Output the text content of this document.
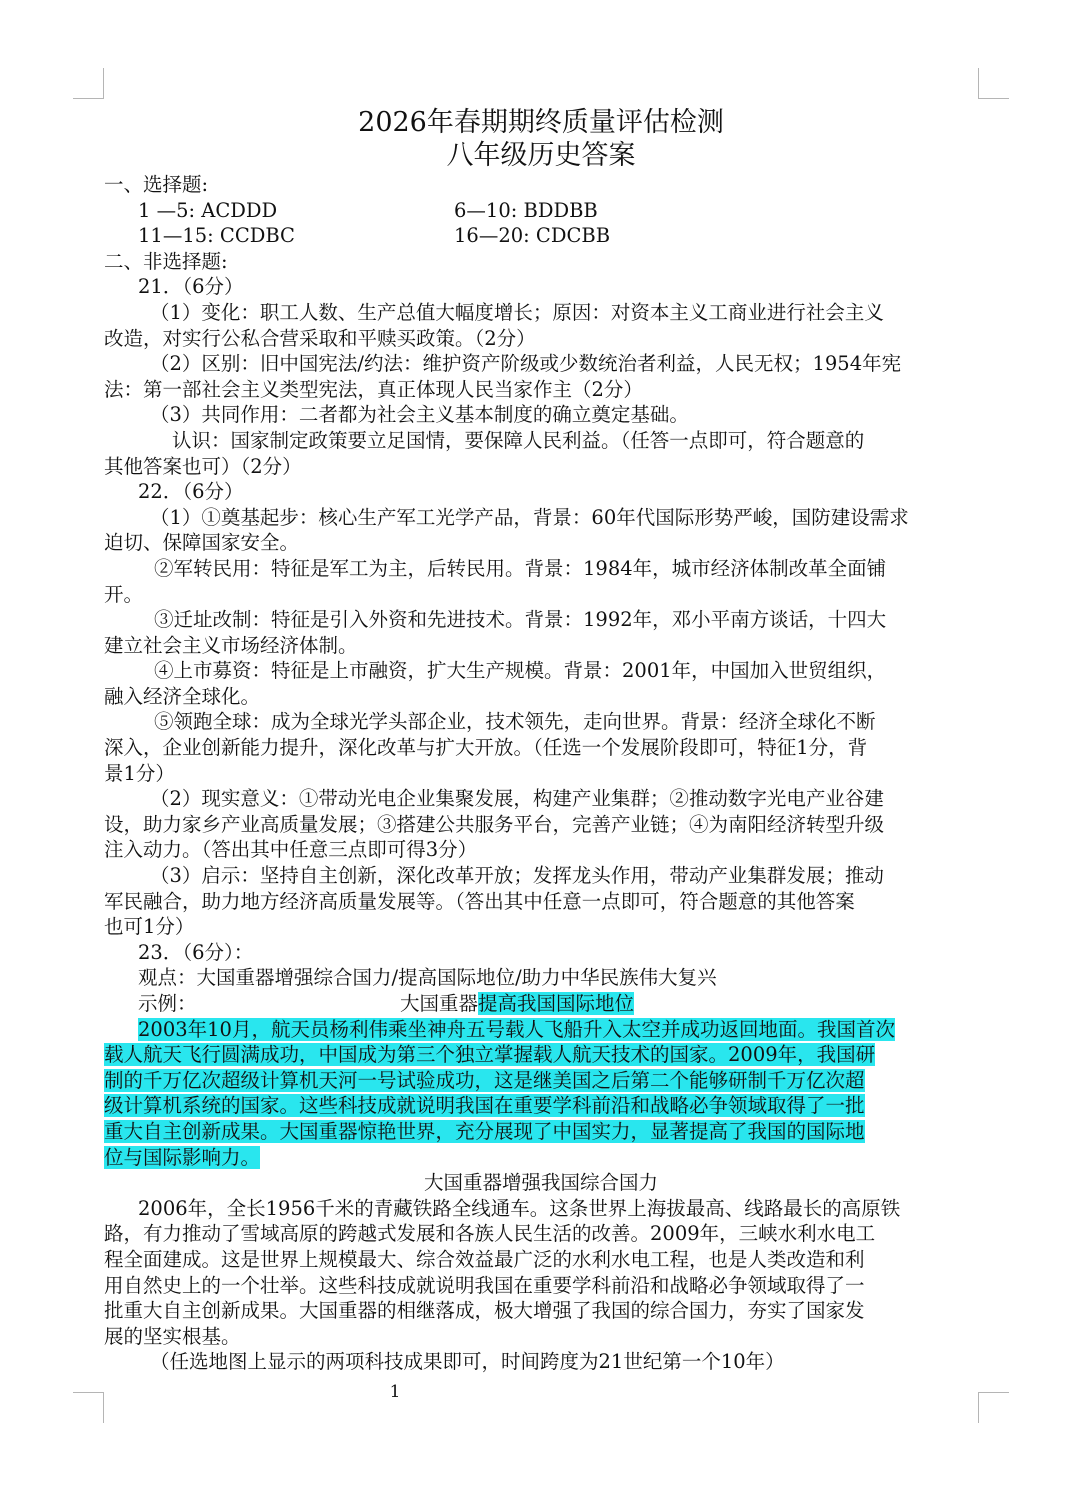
2026年春期期终质量评估检测
八年级历史答案

一、选择题:

1 —5: ACDDD	6—10: BDDBB
11—15: CCDBC	16—20: CDCBB

二、非选择题:

21．（6分）

（1）变化：职工人数、生产总值大幅度增长；原因：对资本主义工商业进行社会主义

改造，对实行公私合营采取和平赎买政策。（2分）

（2）区别：旧中国宪法/约法：维护资产阶级或少数统治者利益，人民无权；1954年宪

法：第一部社会主义类型宪法，真正体现人民当家作主（2分）

（3）共同作用：二者都为社会主义基本制度的确立奠定基础。

认识：国家制定政策要立足国情，要保障人民利益。（任答一点即可，符合题意的

其他答案也可）（2分）

22．（6分）

（1）①奠基起步：核心生产军工光学产品，背景：60年代国际形势严峻，国防建设需求

迫切、保障国家安全。

②军转民用：特征是军工为主，后转民用。背景：1984年，城市经济体制改革全面铺

开。

③迁址改制：特征是引入外资和先进技术。背景：1992年，邓小平南方谈话，十四大

建立社会主义市场经济体制。

④上市募资：特征是上市融资，扩大生产规模。背景：2001年，中国加入世贸组织，

融入经济全球化。

⑤领跑全球：成为全球光学头部企业，技术领先，走向世界。背景：经济全球化不断

深入，企业创新能力提升，深化改革与扩大开放。（任选一个发展阶段即可，特征1分，背

景1分）

（2）现实意义：①带动光电企业集聚发展，构建产业集群；②推动数字光电产业谷建

设，助力家乡产业高质量发展；③搭建公共服务平台，完善产业链；④为南阳经济转型升级

注入动力。（答出其中任意三点即可得3分）

（3）启示：坚持自主创新，深化改革开放；发挥龙头作用，带动产业集群发展；推动

军民融合，助力地方经济高质量发展等。（答出其中任意一点即可，符合题意的其他答案

也可1分）

23．（6分）：

观点：大国重器增强综合国力/提高国际地位/助力中华民族伟大复兴

示例：	大国重器提高我国国际地位

2003年10月，航天员杨利伟乘坐神舟五号载人飞船升入太空并成功返回地面。我国首次

载人航天飞行圆满成功，中国成为第三个独立掌握载人航天技术的国家。2009年，我国研

制的千万亿次超级计算机天河一号试验成功，这是继美国之后第二个能够研制千万亿次超

级计算机系统的国家。这些科技成就说明我国在重要学科前沿和战略必争领域取得了一批

重大自主创新成果。大国重器惊艳世界，充分展现了中国实力，显著提高了我国的国际地

位与国际影响力。

大国重器增强我国综合国力

2006年，全长1956千米的青藏铁路全线通车。这条世界上海拔最高、线路最长的高原铁

路，有力推动了雪域高原的跨越式发展和各族人民生活的改善。2009年，三峡水利水电工

程全面建成。这是世界上规模最大、综合效益最广泛的水利水电工程，也是人类改造和利

用自然史上的一个壮举。这些科技成就说明我国在重要学科前沿和战略必争领域取得了一

批重大自主创新成果。大国重器的相继落成，极大增强了我国的综合国力，夯实了国家发

展的坚实根基。

（任选地图上显示的两项科技成果即可，时间跨度为21世纪第一个10年）

1
